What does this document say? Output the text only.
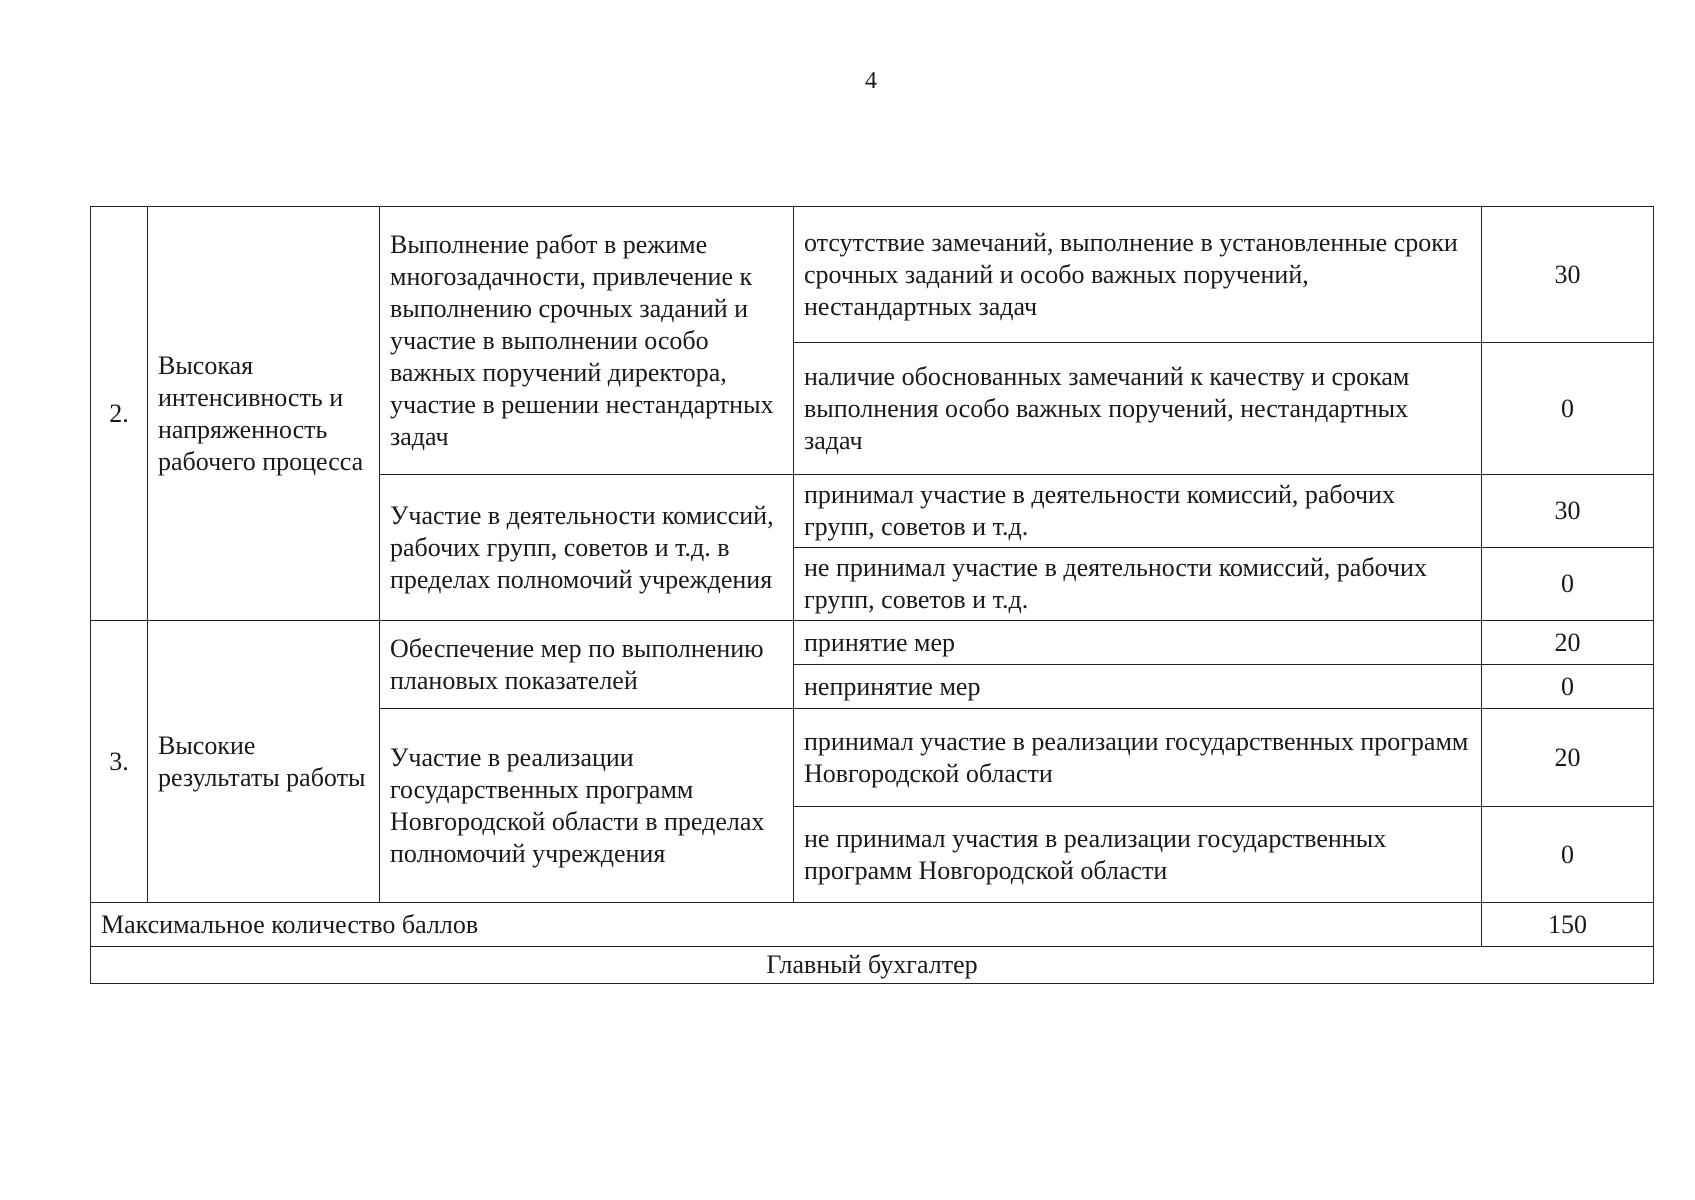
4
2.	Высокая интенсивность и напряженность рабочего процесса	Выполнение работ в режиме многозадачности, привлечение к выполнению срочных заданий и участие в выполнении особо важных поручений директора, участие в решении нестандартных задач	отсутствие замечаний, выполнение в установленные сроки срочных заданий и особо важных поручений, нестандартных задач	30
			наличие обоснованных замечаний к качеству и срокам выполнения особо важных поручений, нестандартных задач	0
		Участие в деятельности комиссий, рабочих групп, советов и т.д. в пределах полномочий учреждения	принимал участие в деятельности комиссий, рабочих групп, советов и т.д.	30
			не принимал участие в деятельности комиссий, рабочих групп, советов и т.д.	0
3.	Высокие результаты работы	Обеспечение мер по выполнению плановых показателей	принятие мер	20
			непринятие мер	0
		Участие в реализации государственных программ Новгородской области в пределах полномочий учреждения	принимал участие в реализации государственных программ Новгородской области	20
			не принимал участия в реализации государственных программ Новгородской области	0
Максимальное количество баллов				150
Главный бухгалтер				
